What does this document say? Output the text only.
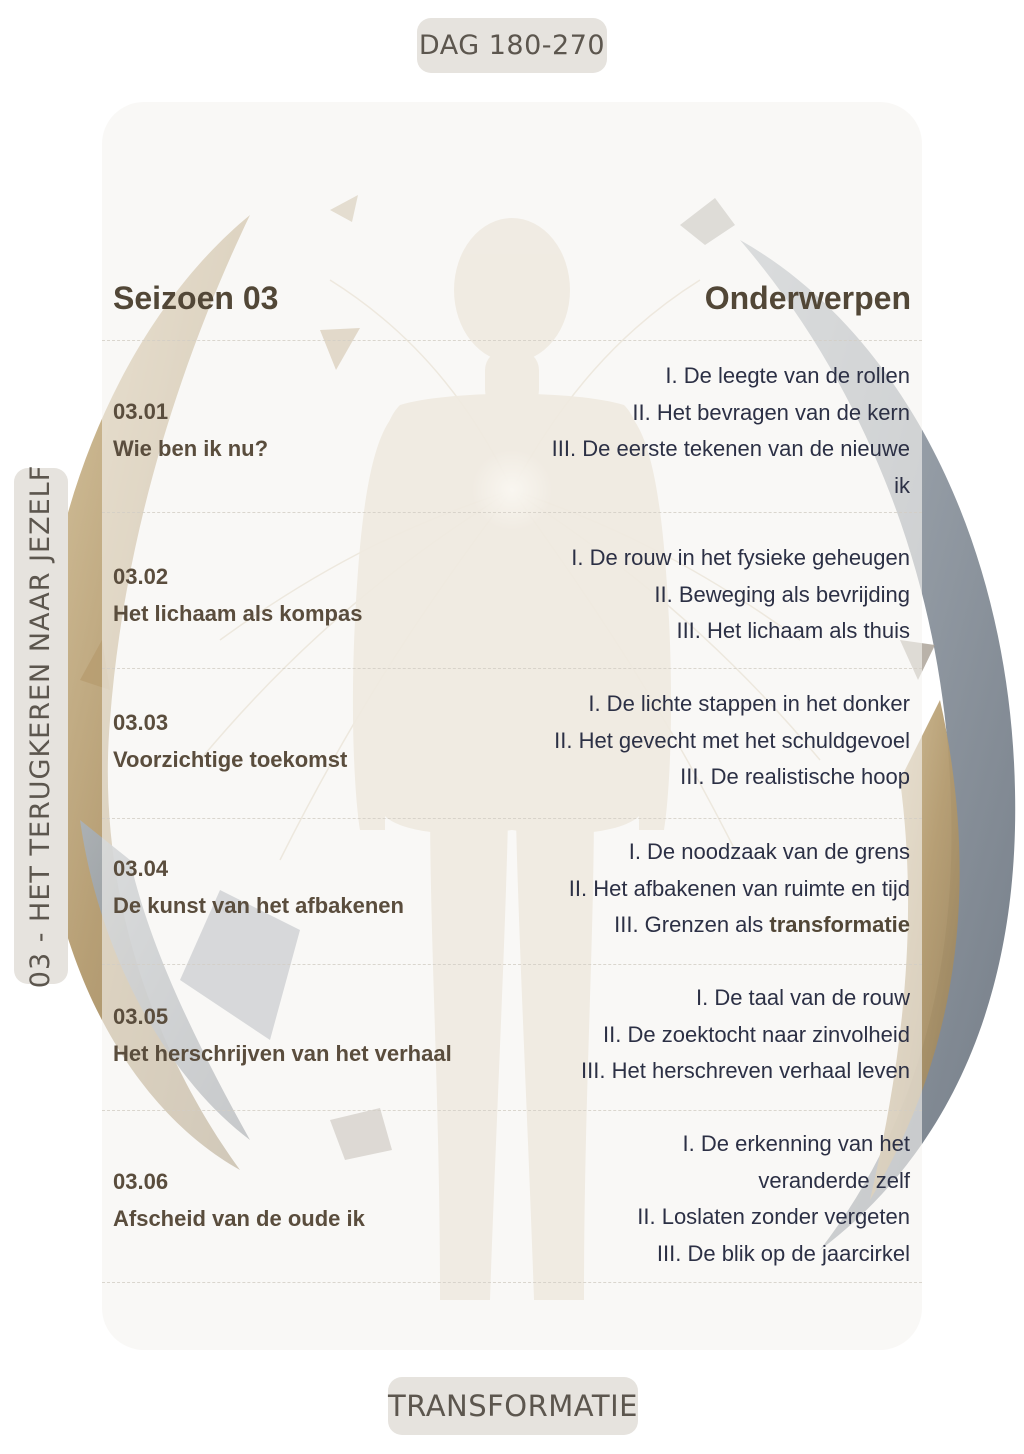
DAG 180-270
TRANSFORMATIE
03 - HET TERUGKEREN NAAR JEZELF
Seizoen 03	Onderwerpen
03.01
Wie ben ik nu?
I. De leegte van de rollen
II. Het bevragen van de kern
III. De eerste tekenen van de nieuwe ik
03.02
Het lichaam als kompas
I. De rouw in het fysieke geheugen
II. Beweging als bevrijding
III. Het lichaam als thuis
03.03
Voorzichtige toekomst
I. De lichte stappen in het donker
II. Het gevecht met het schuldgevoel
III. De realistische hoop
03.04
De kunst van het afbakenen
I. De noodzaak van de grens
II. Het afbakenen van ruimte en tijd
III. Grenzen als transformatie
03.05
Het herschrijven van het verhaal
I. De taal van de rouw
II. De zoektocht naar zinvolheid
III. Het herschreven verhaal leven
03.06
Afscheid van de oude ik
I. De erkenning van het veranderde zelf
II. Loslaten zonder vergeten
III. De blik op de jaarcirkel
